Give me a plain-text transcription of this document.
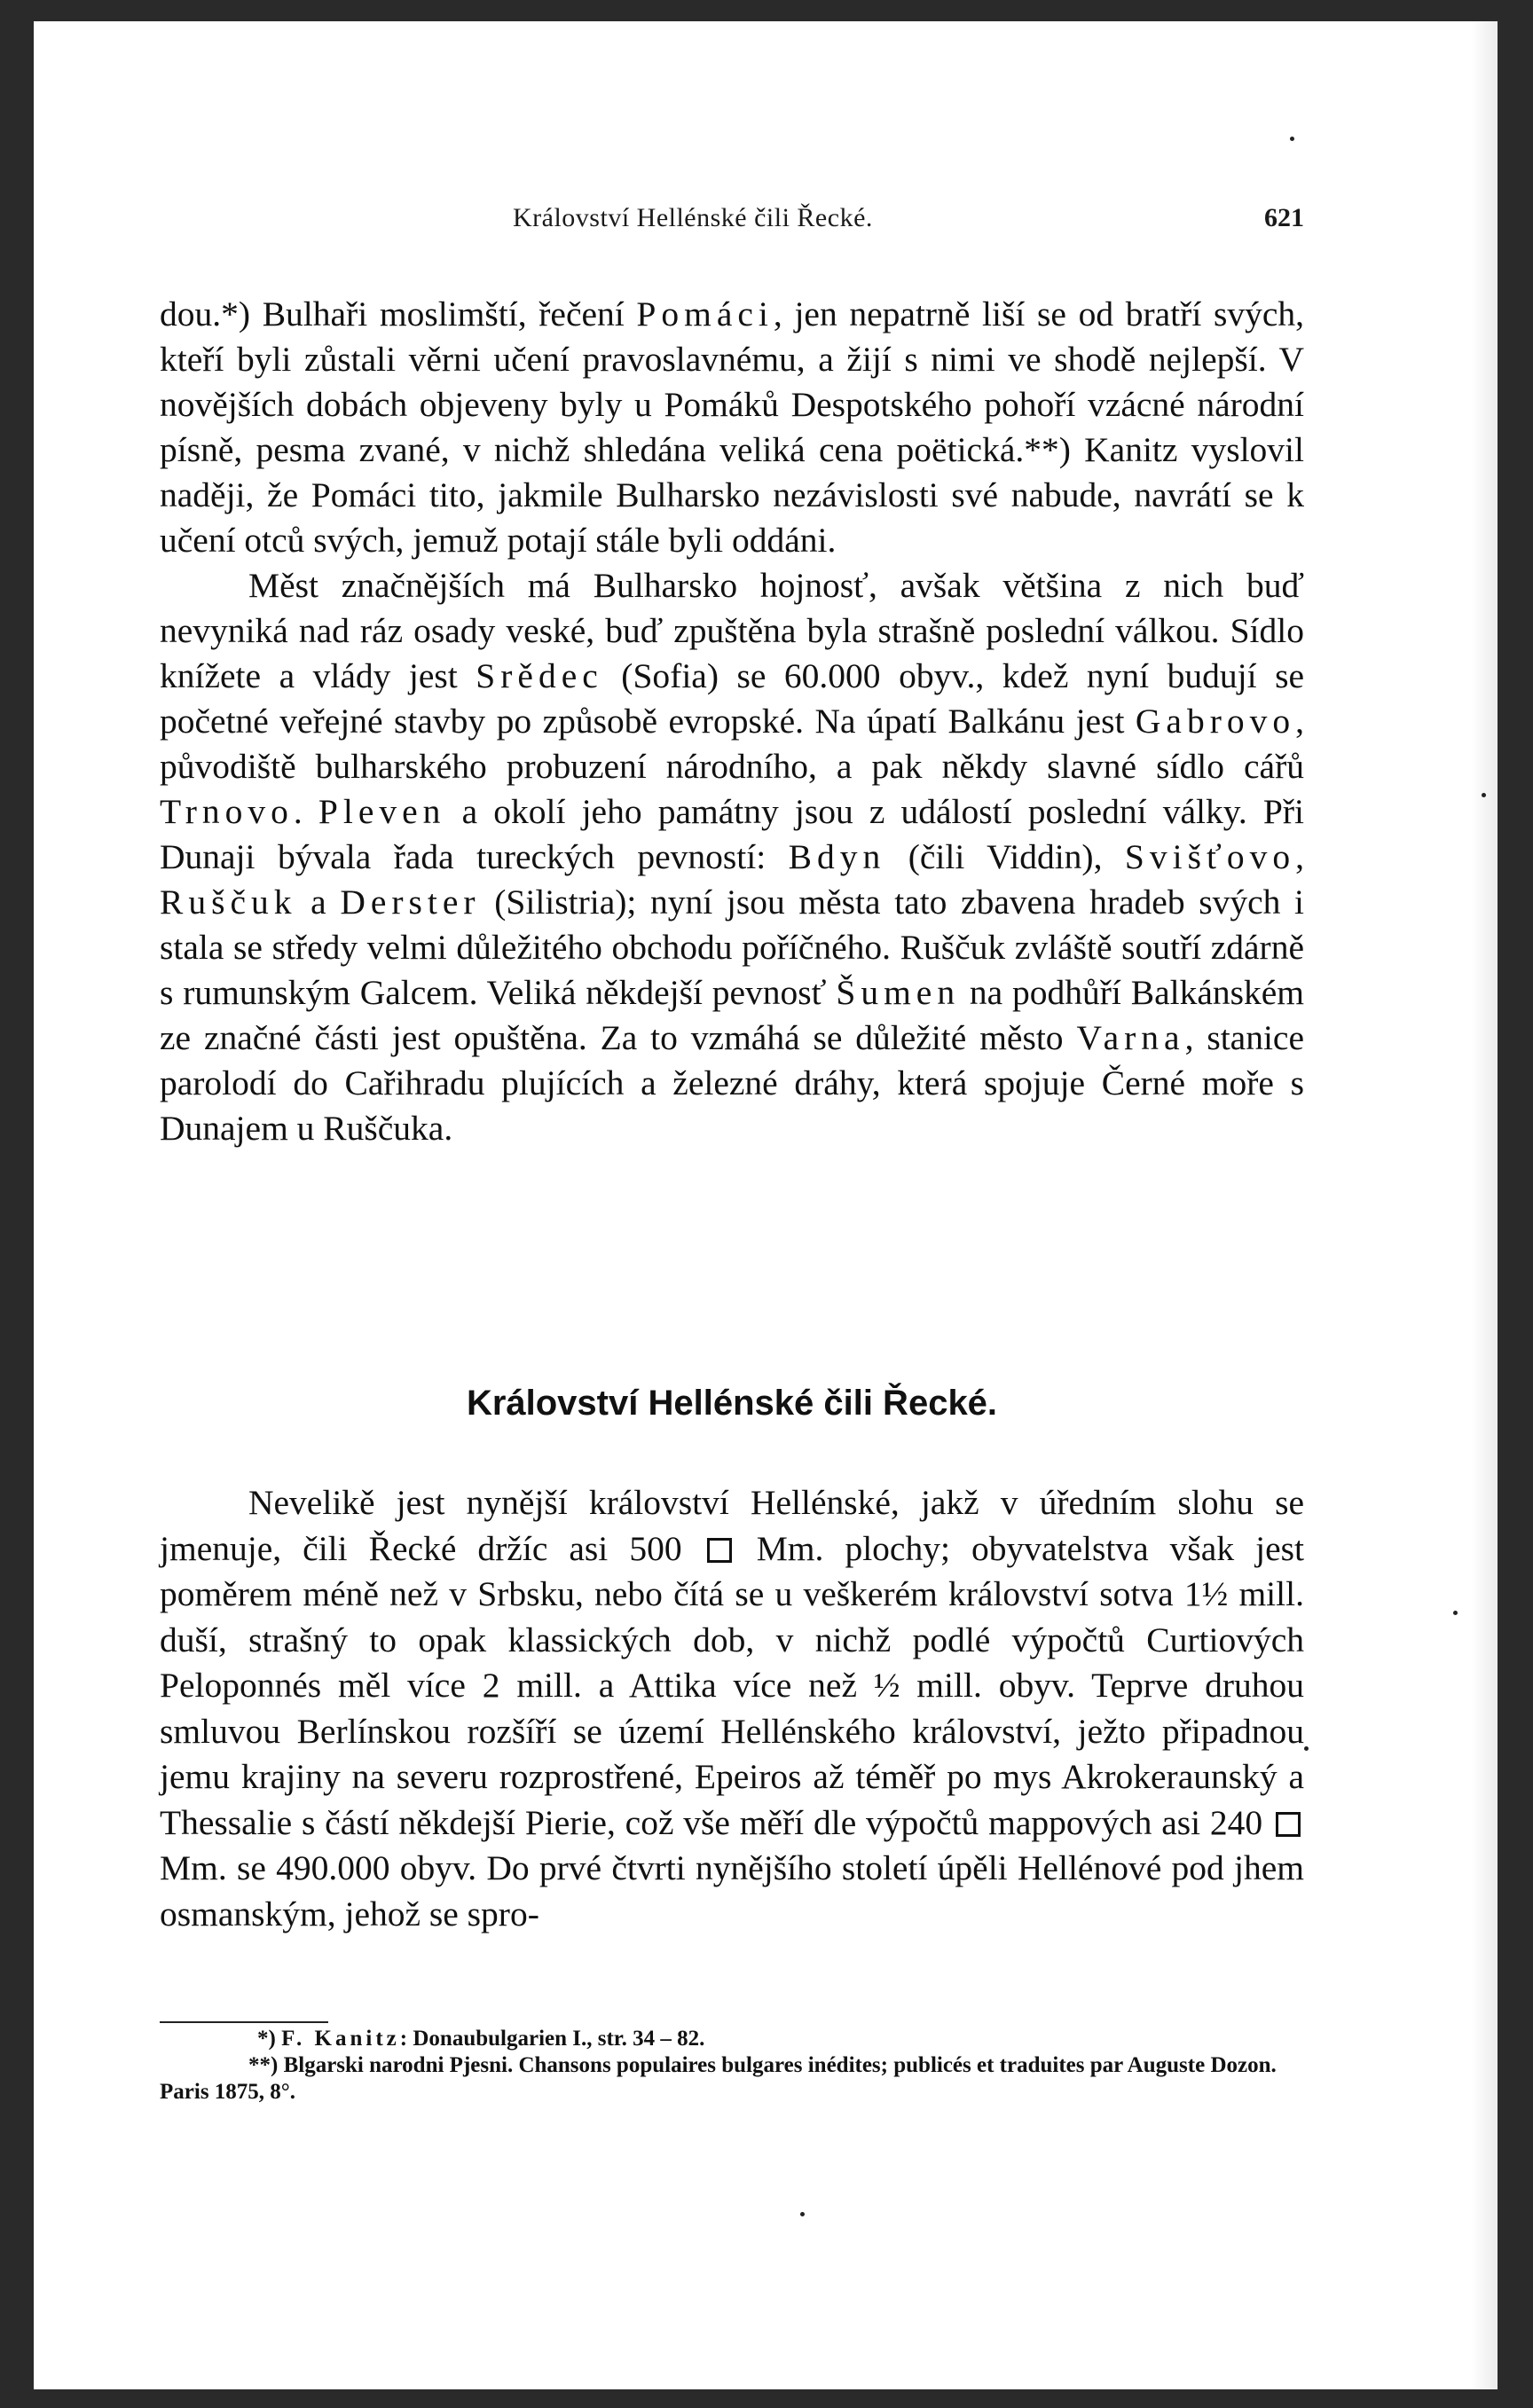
Království Hellénské čili Řecké.	621

dou.*) Bulhaři moslimští, řečení Pomáci, jen nepatrně liší se od bratří svých, kteří byli zůstali věrni učení pravoslavnému, a žijí s nimi ve shodě nejlepší. V novějších dobách objeveny byly u Pomáků Despotského pohoří vzácné národní písně, pesma zvané, v nichž shledána veliká cena poëtická.**) Kanitz vyslovil naději, že Pomáci tito, jakmile Bulharsko nezávislosti své nabude, navrátí se k učení otců svých, jemuž potají stále byli oddáni.

Měst značnějších má Bulharsko hojnosť, avšak většina z nich buď nevyniká nad ráz osady veské, buď zpuštěna byla strašně poslední válkou. Sídlo knížete a vlády jest Srědec (Sofia) se 60.000 obyv., kdež nyní budují se početné veřejné stavby po způsobě evropské. Na úpatí Balkánu jest Gabrovo, původiště bulharského probuzení národního, a pak někdy slavné sídlo cářů Trnovo. Pleven a okolí jeho památny jsou z událostí poslední války. Při Dunaji bývala řada tureckých pevností: Bdyn (čili Viddin), Svišťovo, Ruščuk a Derster (Silistria); nyní jsou města tato zbavena hradeb svých i stala se středy velmi důležitého obchodu poříčného. Ruščuk zvláště soutří zdárně s rumunským Galcem. Veliká někdejší pevnosť Šumen na podhůří Balkánském ze značné části jest opuštěna. Za to vzmáhá se důležité město Varna, stanice parolodí do Cařihradu plujících a železné dráhy, která spojuje Černé moře s Dunajem u Ruščuka.

Království Hellénské čili Řecké.

Nevelikě jest nynější království Hellénské, jakž v úředním slohu se jmenuje, čili Řecké držíc asi 500  Mm. plochy; obyvatelstva však jest poměrem méně než v Srbsku, nebo čítá se u veškerém království sotva 1½ mill. duší, strašný to opak klassických dob, v nichž podlé výpočtů Curtiových Peloponnés měl více 2 mill. a Attika více než ½ mill. obyv. Teprve druhou smluvou Berlínskou rozšíří se území Hellénského království, ježto připadnou jemu krajiny na severu rozprostřené, Epeiros až téměř po mys Akrokeraunský a Thessalie s částí někdejší Pierie, což vše měří dle výpočtů mappových asi 240  Mm. se 490.000 obyv. Do prvé čtvrti nynějšího století úpěli Hellénové pod jhem osmanským, jehož se spro-

*) F. Kanitz: Donaubulgarien I., str. 34 – 82.

**) Blgarski narodni Pjesni. Chansons populaires bulgares inédites; publicés et traduites par Auguste Dozon. Paris 1875, 8°.
